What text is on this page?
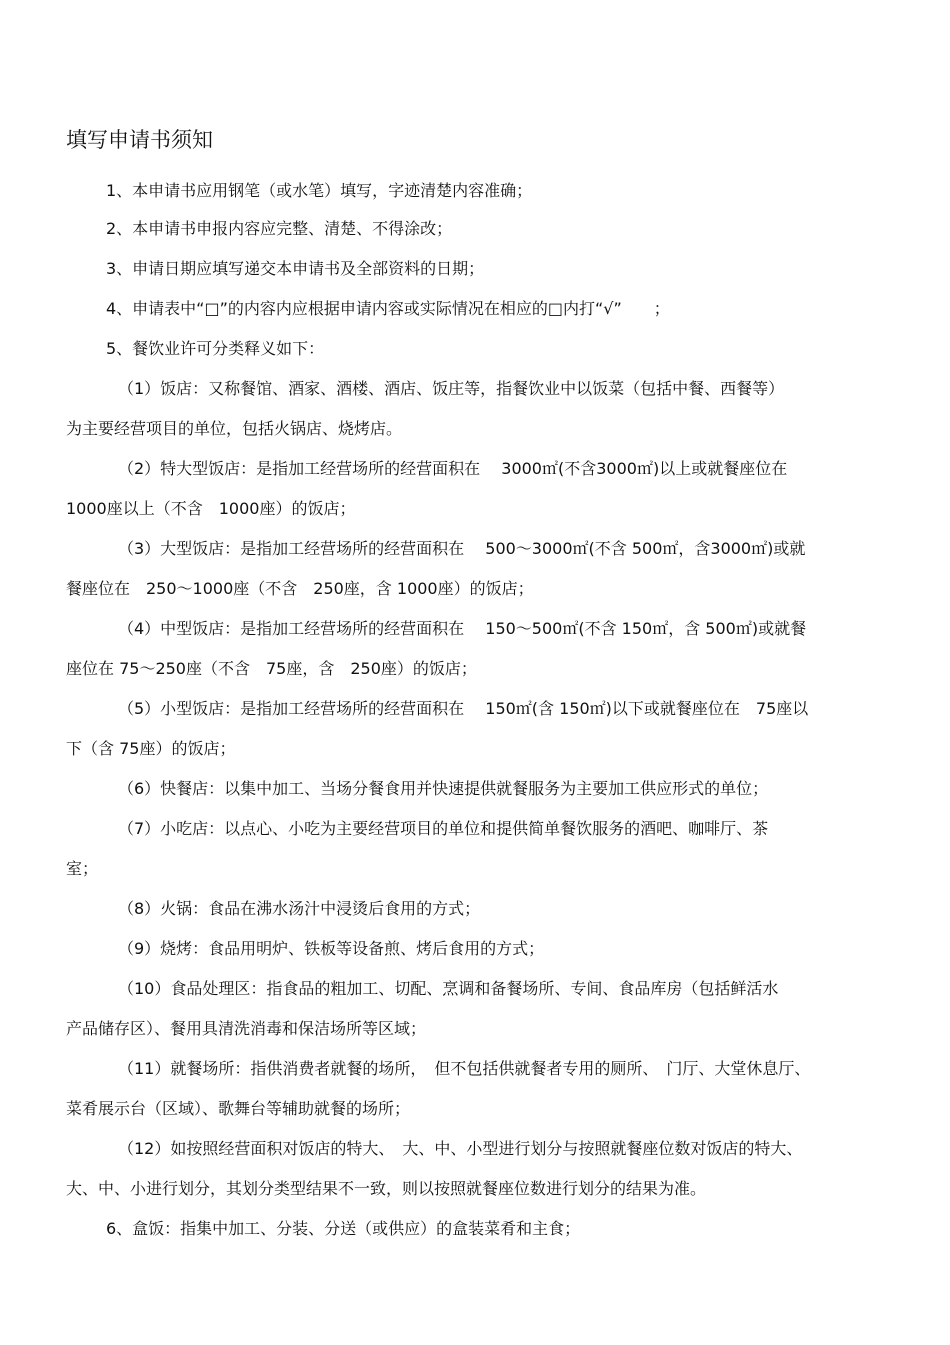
填写申请书须知
1、本申请书应用钢笔（或水笔）填写，字迹清楚内容准确；
2、本申请书申报内容应完整、清楚、不得涂改；
3、申请日期应填写递交本申请书及全部资料的日期；
4、申请表中“□”的内容内应根据申请内容或实际情况在相应的□内打“√”　　；
5、餐饮业许可分类释义如下：
（1）饭店：又称餐馆、酒家、酒楼、酒店、饭庄等，指餐饮业中以饭菜（包括中餐、西餐等）
为主要经营项目的单位，包括火锅店、烧烤店。
（2）特大型饭店：是指加工经营场所的经营面积在　 3000㎡(不含3000㎡)以上或就餐座位在
1000座以上（不含　1000座）的饭店；
（3）大型饭店：是指加工经营场所的经营面积在　 500～3000㎡(不含 500㎡，含3000㎡)或就
餐座位在　250～1000座（不含　250座，含 1000座）的饭店；
（4）中型饭店：是指加工经营场所的经营面积在　 150～500㎡(不含 150㎡，含 500㎡)或就餐
座位在 75～250座（不含　75座，含　250座）的饭店；
（5）小型饭店：是指加工经营场所的经营面积在　 150㎡(含 150㎡)以下或就餐座位在　75座以
下（含 75座）的饭店；
（6）快餐店：以集中加工、当场分餐食用并快速提供就餐服务为主要加工供应形式的单位；
（7）小吃店：以点心、小吃为主要经营项目的单位和提供简单餐饮服务的酒吧、咖啡厅、茶
室；
（8）火锅：食品在沸水汤汁中浸烫后食用的方式；
（9）烧烤：食品用明炉、铁板等设备煎、烤后食用的方式；
（10）食品处理区：指食品的粗加工、切配、烹调和备餐场所、专间、食品库房（包括鲜活水
产品储存区）、餐用具清洗消毒和保洁场所等区域；
（11）就餐场所：指供消费者就餐的场所，　但不包括供就餐者专用的厕所、　门厅、大堂休息厅、
菜肴展示台（区域）、歌舞台等辅助就餐的场所；
（12）如按照经营面积对饭店的特大、　大、中、小型进行划分与按照就餐座位数对饭店的特大、
大、中、小进行划分，其划分类型结果不一致，则以按照就餐座位数进行划分的结果为准。
6、盒饭：指集中加工、分装、分送（或供应）的盒装菜肴和主食；
